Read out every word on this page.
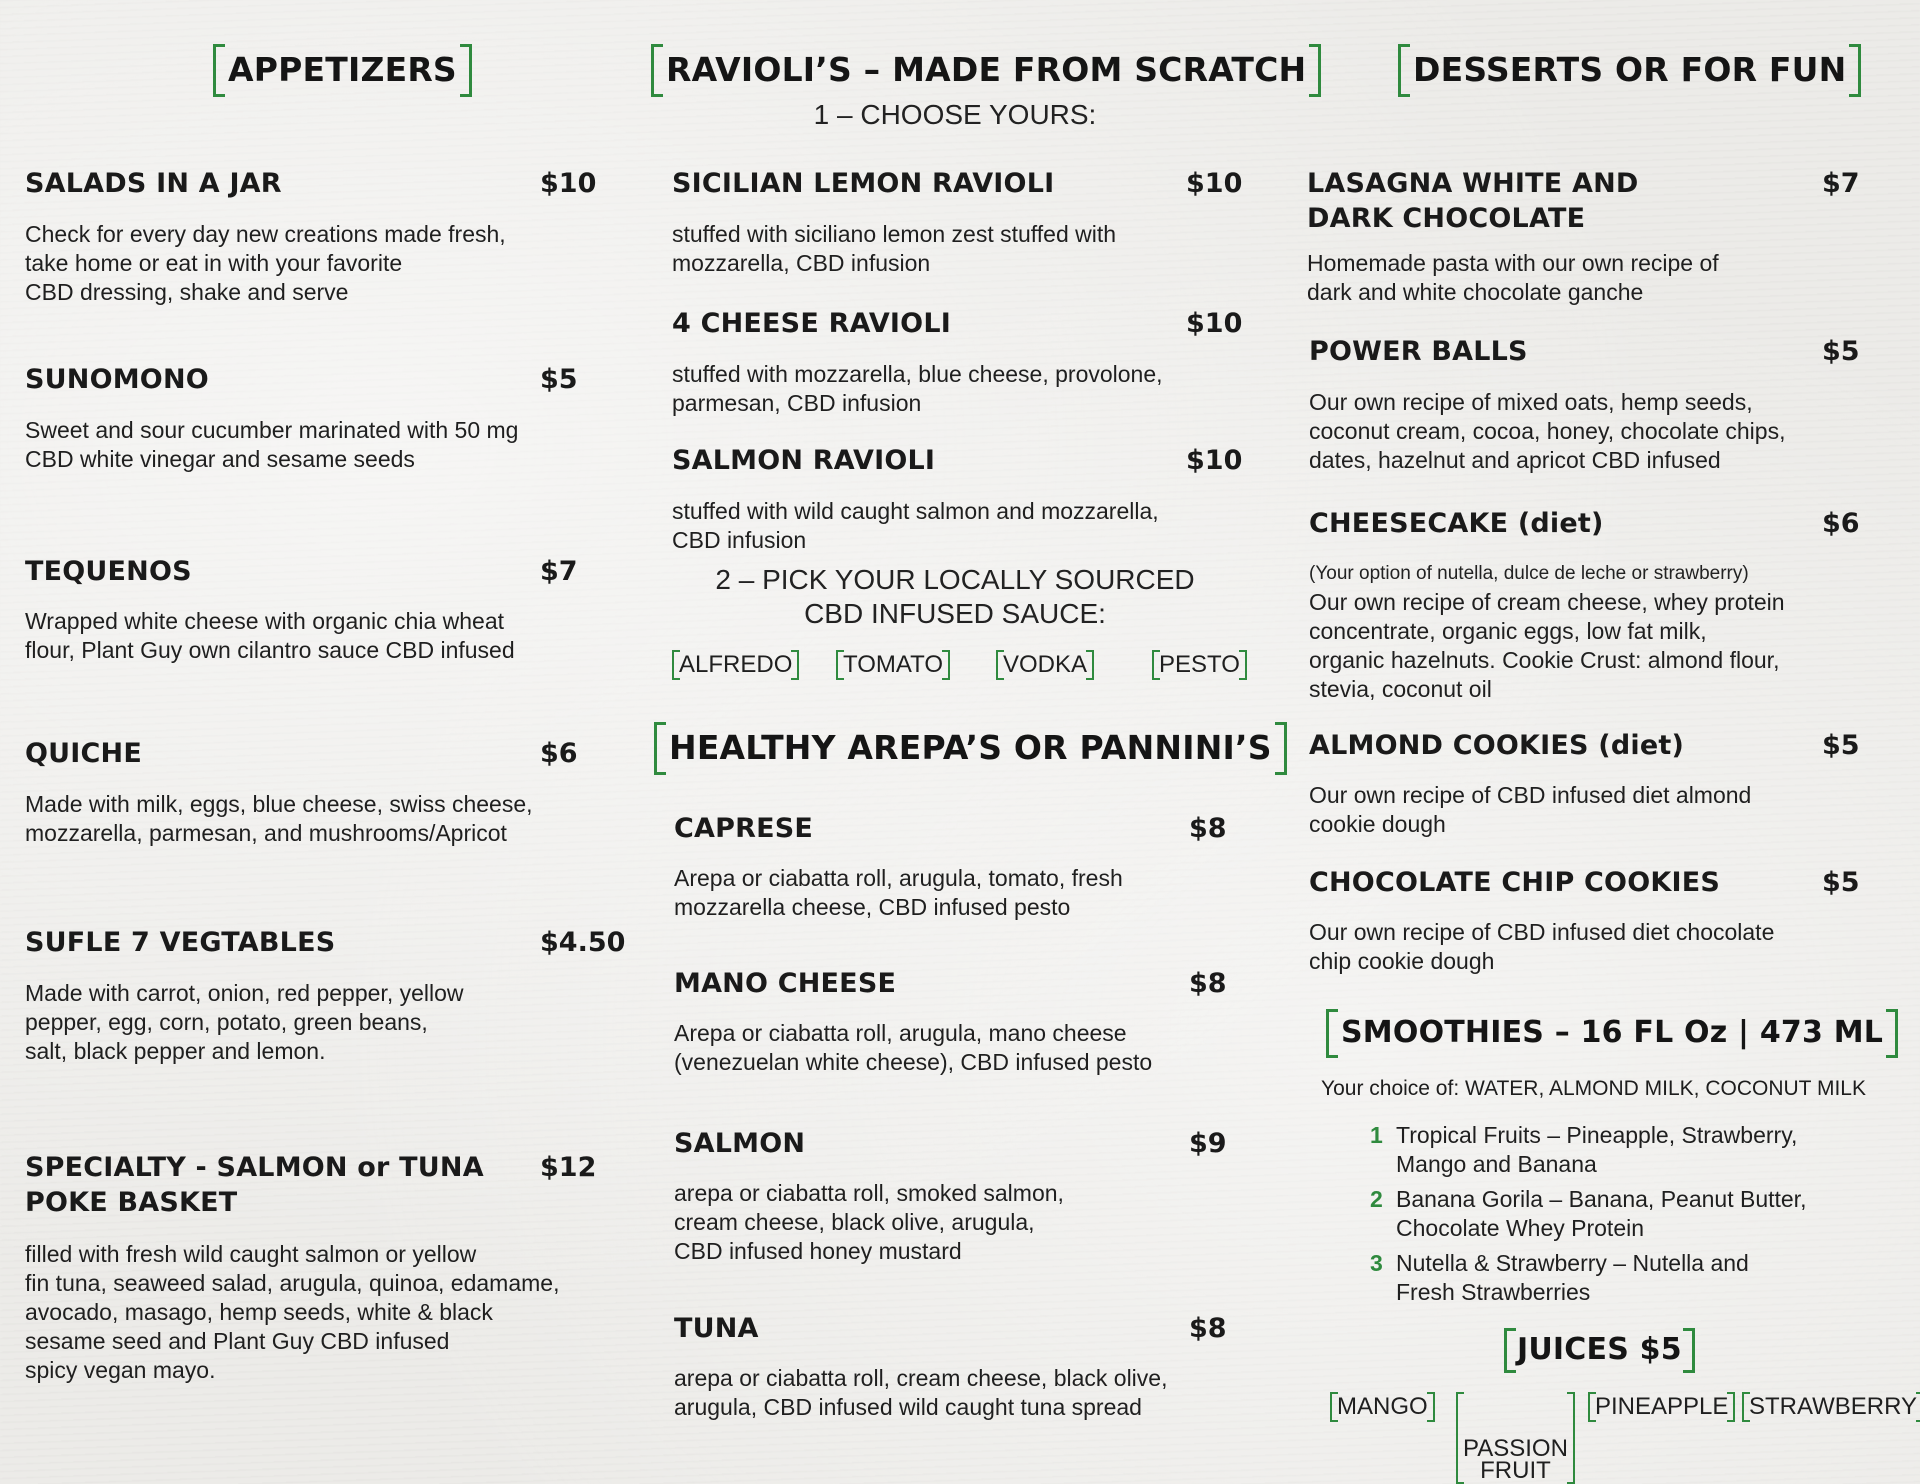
APPETIZERS
SALADS IN A JAR	$10
Check for every day new creations made fresh,
take home or eat in with your favorite
CBD dressing, shake and serve
SUNOMONO	$5
Sweet and sour cucumber marinated with 50 mg
CBD white vinegar and sesame seeds
TEQUENOS	$7
Wrapped white cheese with organic chia wheat
flour, Plant Guy own cilantro sauce CBD infused
QUICHE	$6
Made with milk, eggs, blue cheese, swiss cheese,
mozzarella, parmesan, and mushrooms/Apricot
SUFLE 7 VEGTABLES	$4.50
Made with carrot, onion, red pepper, yellow
pepper, egg, corn, potato, green beans,
salt, black pepper and lemon.
SPECIALTY - SALMON or TUNA
POKE BASKET
$12
filled with fresh wild caught salmon or yellow
fin tuna, seaweed salad, arugula, quinoa, edamame,
avocado, masago, hemp seeds, white & black
sesame seed and Plant Guy CBD infused
spicy vegan mayo.
RAVIOLI’S – MADE FROM SCRATCH
1 – CHOOSE YOURS:
SICILIAN LEMON RAVIOLI	$10
stuffed with siciliano lemon zest stuffed with
mozzarella, CBD infusion
4 CHEESE RAVIOLI	$10
stuffed with mozzarella, blue cheese, provolone,
parmesan, CBD infusion
SALMON RAVIOLI	$10
stuffed with wild caught salmon and mozzarella,
CBD infusion
2 – PICK YOUR LOCALLY SOURCED
CBD INFUSED SAUCE:
ALFREDO TOMATO VODKA	PESTO
HEALTHY AREPA’S OR PANNINI’S
CAPRESE	$8
Arepa or ciabatta roll, arugula, tomato, fresh
mozzarella cheese, CBD infused pesto
MANO CHEESE	$8
Arepa or ciabatta roll, arugula, mano cheese
(venezuelan white cheese), CBD infused pesto
SALMON	$9
arepa or ciabatta roll, smoked salmon,
cream cheese, black olive, arugula,
CBD infused honey mustard
TUNA	$8
arepa or ciabatta roll, cream cheese, black olive,
arugula, CBD infused wild caught tuna spread
DESSERTS OR FOR FUN
LASAGNA WHITE AND
DARK CHOCOLATE
$7
Homemade pasta with our own recipe of
dark and white chocolate ganche
POWER BALLS	$5
Our own recipe of mixed oats, hemp seeds,
coconut cream, cocoa, honey, chocolate chips,
dates, hazelnut and apricot CBD infused
CHEESECAKE (diet)	$6
(Your option of nutella, dulce de leche or strawberry)
Our own recipe of cream cheese, whey protein
concentrate, organic eggs, low fat milk,
organic hazelnuts. Cookie Crust: almond flour,
stevia, coconut oil
ALMOND COOKIES (diet)	$5
Our own recipe of CBD infused diet almond
cookie dough
CHOCOLATE CHIP COOKIES	$5
Our own recipe of CBD infused diet chocolate
chip cookie dough
SMOOTHIES – 16 FL Oz | 473 ML
Your choice of: WATER, ALMOND MILK, COCONUT MILK
1 Tropical Fruits – Pineapple, Strawberry,
Mango and Banana
2 Banana Gorila – Banana, Peanut Butter,
Chocolate Whey Protein
3 Nutella & Strawberry – Nutella and
Fresh Strawberries
JUICES $5
MANGO

PASSION
FRUIT

PINEAPPLE STRAWBERRY
